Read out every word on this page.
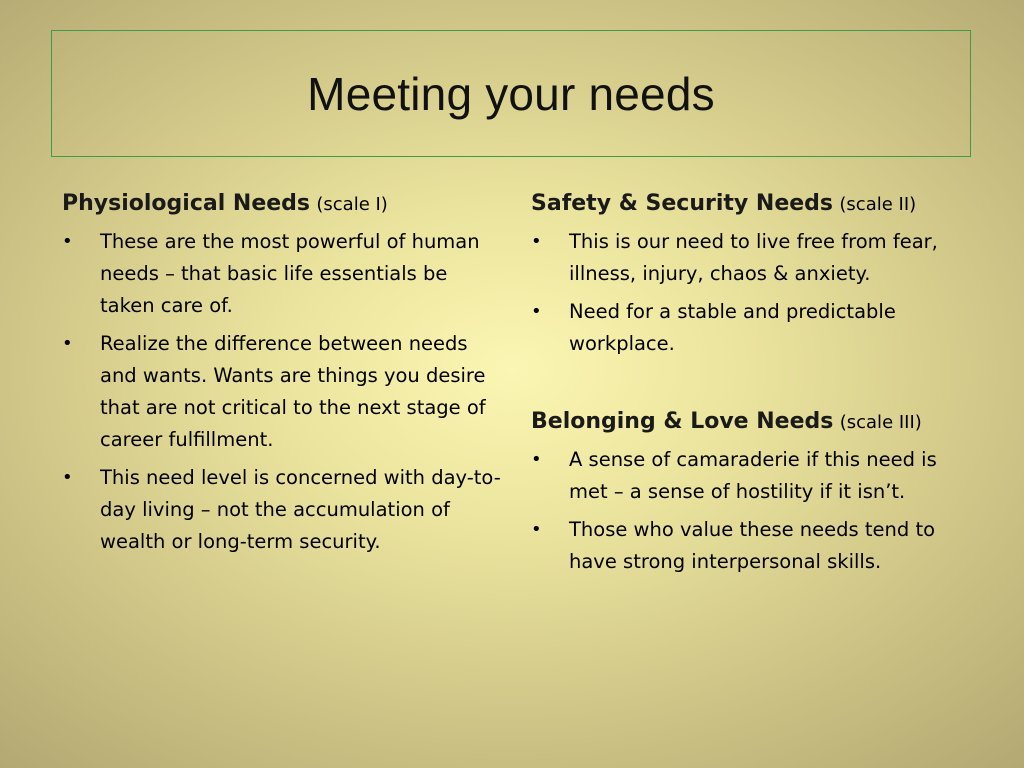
Meeting your needs
Physiological Needs (scale I)
•	These are the most powerful of human needs – that basic life essentials be taken care of.
•	Realize the difference between needs and wants. Wants are things you desire that are not critical to the next stage of career fulfillment.
•	This need level is concerned with day-to-day living – not the accumulation of wealth or long-term security.
Safety & Security Needs (scale II)
•	This is our need to live free from fear, illness, injury, chaos & anxiety.
•	Need for a stable and predictable workplace.
Belonging & Love Needs (scale III)
•	A sense of camaraderie if this need is met – a sense of hostility if it isn’t.
•	Those who value these needs tend to have strong interpersonal skills.
